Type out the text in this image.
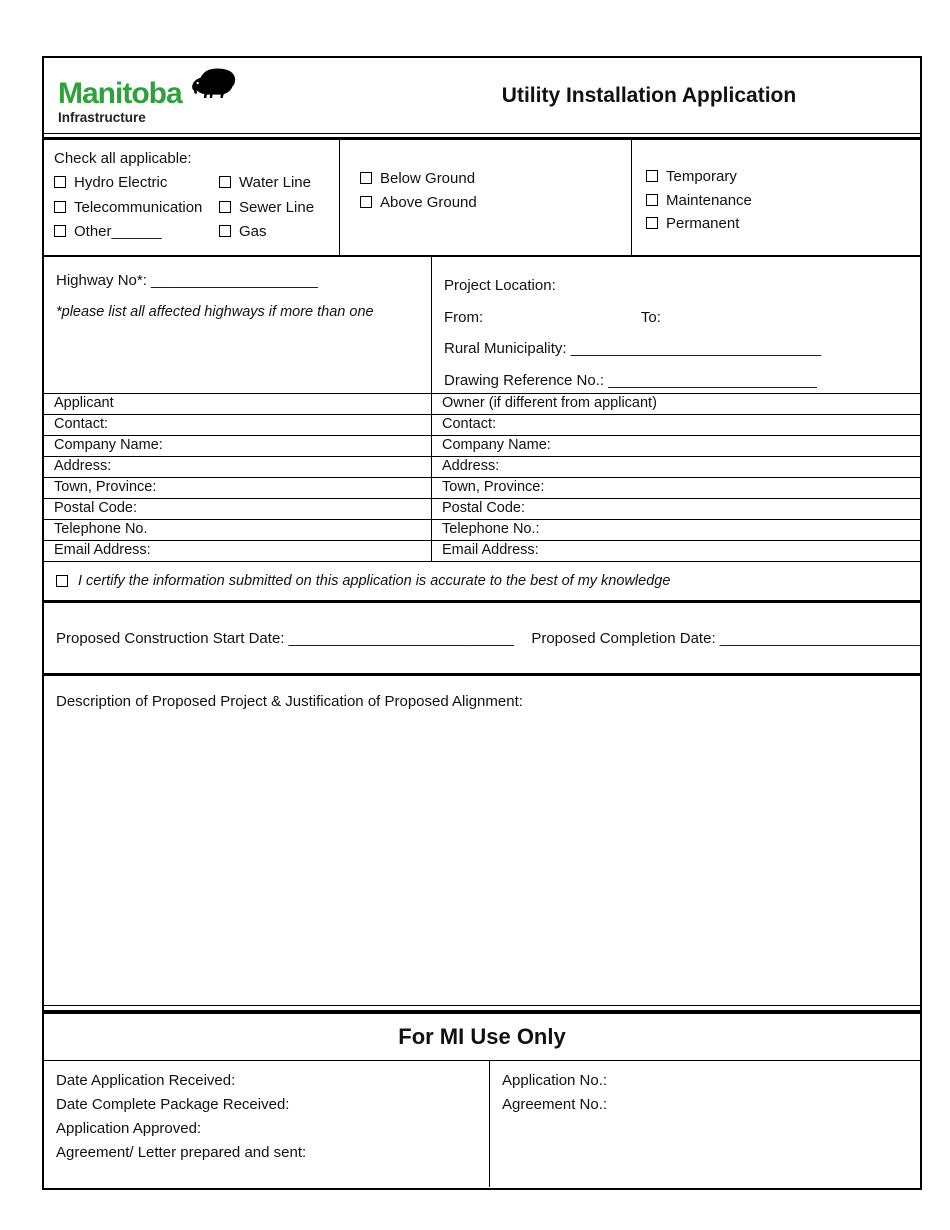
Manitoba
Infrastructure
Utility Installation Application
Check all applicable:
Hydro Electric	Water Line
Telecommunication	Sewer Line
Other______	Gas
Below Ground
Above Ground
Temporary
Maintenance
Permanent
Highway No*: ____________________
*please list all affected highways if more than one
Project Location:
From:	To:
Rural Municipality: ______________________________
Drawing Reference No.: _________________________
Applicant	Owner (if different from applicant)
Contact:	Contact:
Company Name:	Company Name:
Address:	Address:
Town, Province:	Town, Province:
Postal Code:	Postal Code:
Telephone No.	Telephone No.:
Email Address:	Email Address:
I certify the information submitted on this application is accurate to the best of my knowledge
Proposed Construction Start Date: ___________________________	Proposed Completion Date: ________________________
Description of Proposed Project & Justification of Proposed Alignment:
For MI Use Only
Date Application Received:
Date Complete Package Received:
Application Approved:
Agreement/ Letter prepared and sent:
Application No.:
Agreement No.:
